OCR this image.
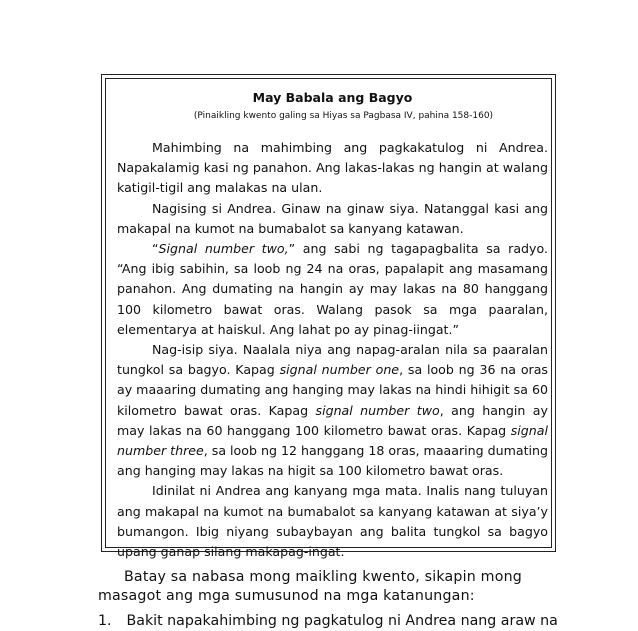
May Babala ang Bagyo
(Pinaikling kwento galing sa Hiyas sa Pagbasa IV, pahina 158-160)

Mahimbing na mahimbing ang pagkakatulog ni Andrea. Napakalamig kasi ng panahon. Ang lakas-lakas ng hangin at walang katigil-tigil ang malakas na ulan.

Nagising si Andrea. Ginaw na ginaw siya. Natanggal kasi ang makapal na kumot na bumabalot sa kanyang katawan.

“Signal number two,” ang sabi ng tagapagbalita sa radyo. “Ang ibig sabihin, sa loob ng 24 na oras, papalapit ang masamang panahon. Ang dumating na hangin ay may lakas na 80 hanggang 100 kilometro bawat oras. Walang pasok sa mga paaralan, elementarya at haiskul. Ang lahat po ay pinag-iingat.”

Nag-isip siya. Naalala niya ang napag-aralan nila sa paaralan tungkol sa bagyo. Kapag signal number one, sa loob ng 36 na oras ay maaaring dumating ang hanging may lakas na hindi hihigit sa 60 kilometro bawat oras. Kapag signal number two, ang hangin ay may lakas na 60 hanggang 100 kilometro bawat oras. Kapag signal number three, sa loob ng 12 hanggang 18 oras, maaaring dumating ang hanging may lakas na higit sa 100 kilometro bawat oras.

Idinilat ni Andrea ang kanyang mga mata. Inalis nang tuluyan ang makapal na kumot na bumabalot sa kanyang katawan at siya’y bumangon. Ibig niyang subaybayan ang balita tungkol sa bagyo upang ganap silang makapag-ingat.

Batay sa nabasa mong maikling kwento, sikapin mong masagot ang mga sumusunod na mga katanungan:
1. Bakit napakahimbing ng pagkatulog ni Andrea nang araw na
